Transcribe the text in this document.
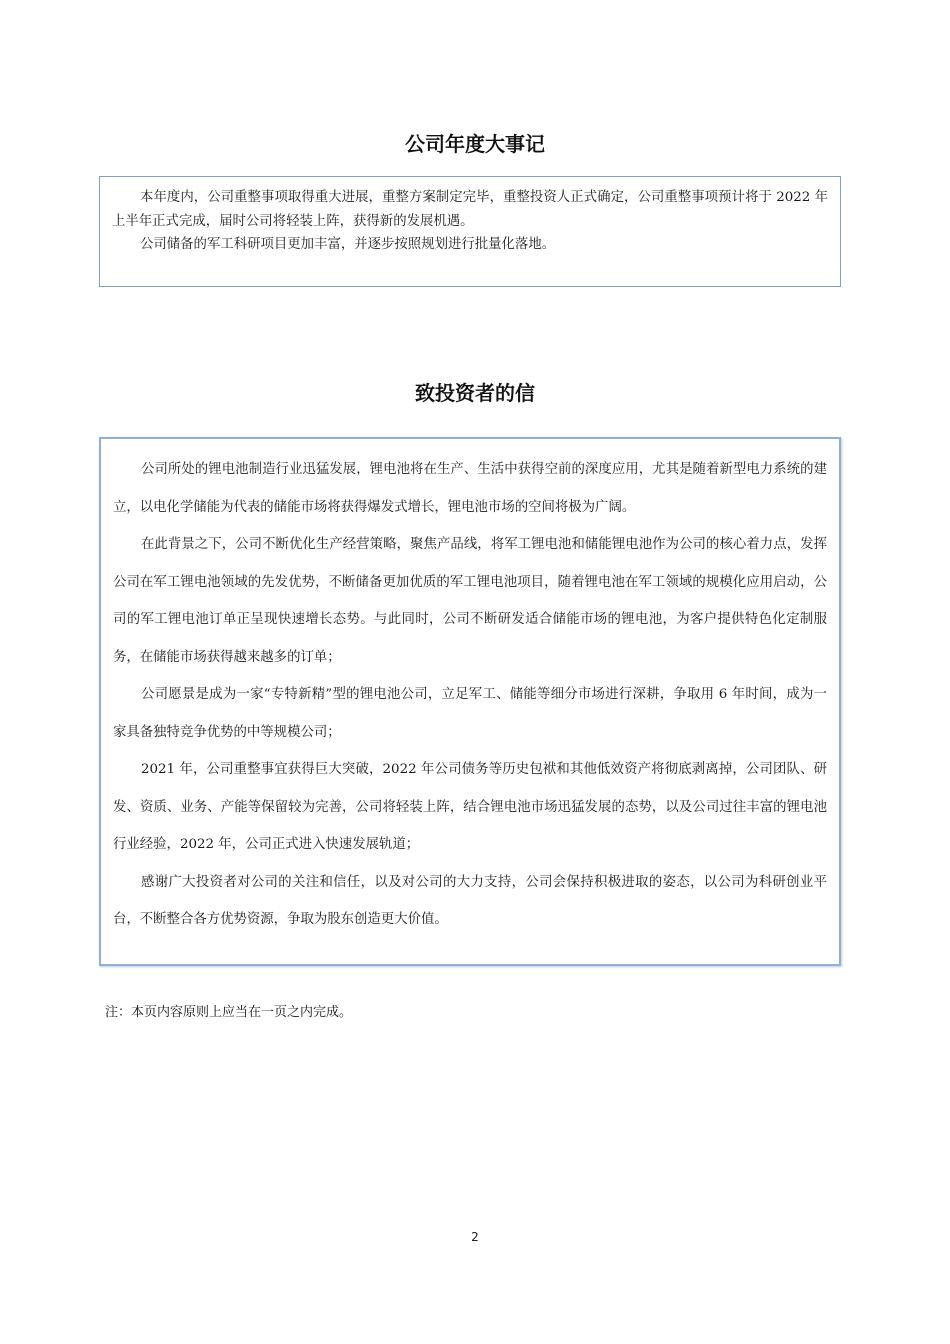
公司年度大事记

本年度内，公司重整事项取得重大进展，重整方案制定完毕，重整投资人正式确定，公司重整事项预计将于 2022 年上半年正式完成，届时公司将轻装上阵，获得新的发展机遇。

公司储备的军工科研项目更加丰富，并逐步按照规划进行批量化落地。

致投资者的信

公司所处的锂电池制造行业迅猛发展，锂电池将在生产、生活中获得空前的深度应用，尤其是随着新型电力系统的建立，以电化学储能为代表的储能市场将获得爆发式增长，锂电池市场的空间将极为广阔。

在此背景之下，公司不断优化生产经营策略，聚焦产品线，将军工锂电池和储能锂电池作为公司的核心着力点，发挥公司在军工锂电池领域的先发优势，不断储备更加优质的军工锂电池项目，随着锂电池在军工领域的规模化应用启动，公司的军工锂电池订单正呈现快速增长态势。与此同时，公司不断研发适合储能市场的锂电池，为客户提供特色化定制服务，在储能市场获得越来越多的订单；

公司愿景是成为一家“专特新精”型的锂电池公司，立足军工、储能等细分市场进行深耕，争取用 6 年时间，成为一家具备独特竞争优势的中等规模公司；

2021 年，公司重整事宜获得巨大突破，2022 年公司债务等历史包袱和其他低效资产将彻底剥离掉，公司团队、研发、资质、业务、产能等保留较为完善，公司将轻装上阵，结合锂电池市场迅猛发展的态势，以及公司过往丰富的锂电池行业经验，2022 年，公司正式进入快速发展轨道；

感谢广大投资者对公司的关注和信任，以及对公司的大力支持，公司会保持积极进取的姿态，以公司为科研创业平台，不断整合各方优势资源，争取为股东创造更大价值。

注：本页内容原则上应当在一页之内完成。

2
